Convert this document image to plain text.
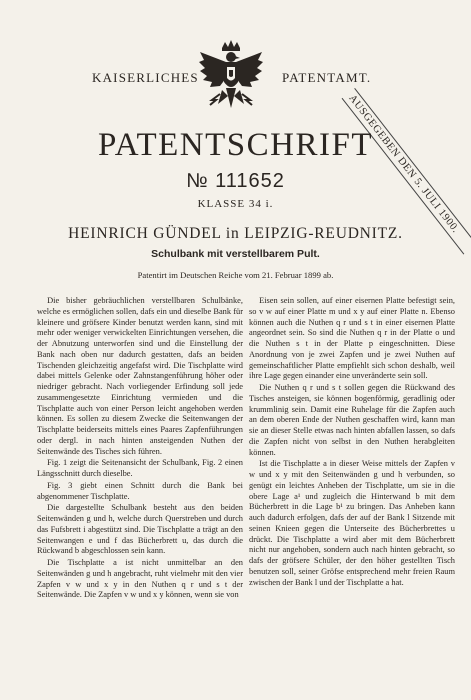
KAISERLICHES	PATENTAMT.
AUSGEGEBEN DEN 5. JULI 1900.
PATENTSCHRIFT
№ 111652
KLASSE 34 i.
HEINRICH GÜNDEL in LEIPZIG-REUDNITZ.
Schulbank mit verstellbarem Pult.
Patentirt im Deutschen Reiche vom 21. Februar 1899 ab.

Die bisher gebräuchlichen verstellbaren Schulbänke, welche es ermöglichen sollen, dafs ein und dieselbe Bank für kleinere und gröfsere Kinder benutzt werden kann, sind mit mehr oder weniger verwickelten Einrichtungen versehen, die der Abnutzung unterworfen sind und die Einstellung der Bank nach oben nur dadurch gestatten, dafs an beiden Tischenden gleichzeitig angefafst wird. Die Tischplatte wird dabei mittels Gelenke oder Zahnstangenführung höher oder niedriger gebracht. Nach vorliegender Erfindung soll jede zusammengesetzte Einrichtung vermieden und die Tischplatte auch von einer Person leicht angehoben werden können. Es sollen zu diesem Zwecke die Seitenwangen der Tischplatte beiderseits mittels eines Paares Zapfenführungen oder dergl. in nach hinten ansteigenden Nuthen der Seitenwände des Tisches sich führen.

Fig. 1 zeigt die Seitenansicht der Schulbank, Fig. 2 einen Längsschnitt durch dieselbe.

Fig. 3 giebt einen Schnitt durch die Bank bei abgenommener Tischplatte.

Die dargestellte Schulbank besteht aus den beiden Seitenwänden g und h, welche durch Querstreben und durch das Fufsbrett i abgestützt sind. Die Tischplatte a trägt an den Seitenwangen e und f das Bücherbrett u, das durch die Rückwand b abgeschlossen sein kann.

Die Tischplatte a ist nicht unmittelbar an den Seitenwänden g und h angebracht, ruht vielmehr mit den vier Zapfen v w und x y in den Nuthen q r und s t der Seitenwände. Die Zapfen v w und x y können, wenn sie von

Eisen sein sollen, auf einer eisernen Platte befestigt sein, so v w auf einer Platte m und x y auf einer Platte n. Ebenso können auch die Nuthen q r und s t in einer eisernen Platte angeordnet sein. So sind die Nuthen q r in der Platte o und die Nuthen s t in der Platte p eingeschnitten. Diese Anordnung von je zwei Zapfen und je zwei Nuthen auf gemeinschaftlicher Platte empfiehlt sich schon deshalb, weil ihre Lage gegen einander eine unveränderte sein soll.

Die Nuthen q r und s t sollen gegen die Rückwand des Tisches ansteigen, sie können bogenförmig, geradlinig oder krummlinig sein. Damit eine Ruhelage für die Zapfen auch an dem oberen Ende der Nuthen geschaffen wird, kann man sie an dieser Stelle etwas nach hinten abfallen lassen, so dafs die Zapfen nicht von selbst in den Nuthen herabgleiten können.

Ist die Tischplatte a in dieser Weise mittels der Zapfen v w und x y mit den Seitenwänden g und h verbunden, so genügt ein leichtes Anheben der Tischplatte, um sie in die obere Lage a¹ und zugleich die Hinterwand b mit dem Bücherbrett in die Lage b¹ zu bringen. Das Anheben kann auch dadurch erfolgen, dafs der auf der Bank l Sitzende mit seinen Knieen gegen die Unterseite des Bücherbrettes u drückt. Die Tischplatte a wird aber mit dem Bücherbrett nicht nur angehoben, sondern auch nach hinten gebracht, so dafs der gröfsere Schüler, der den höher gestellten Tisch benutzen soll, seiner Gröfse entsprechend mehr freien Raum zwischen der Bank l und der Tischplatte a hat.
